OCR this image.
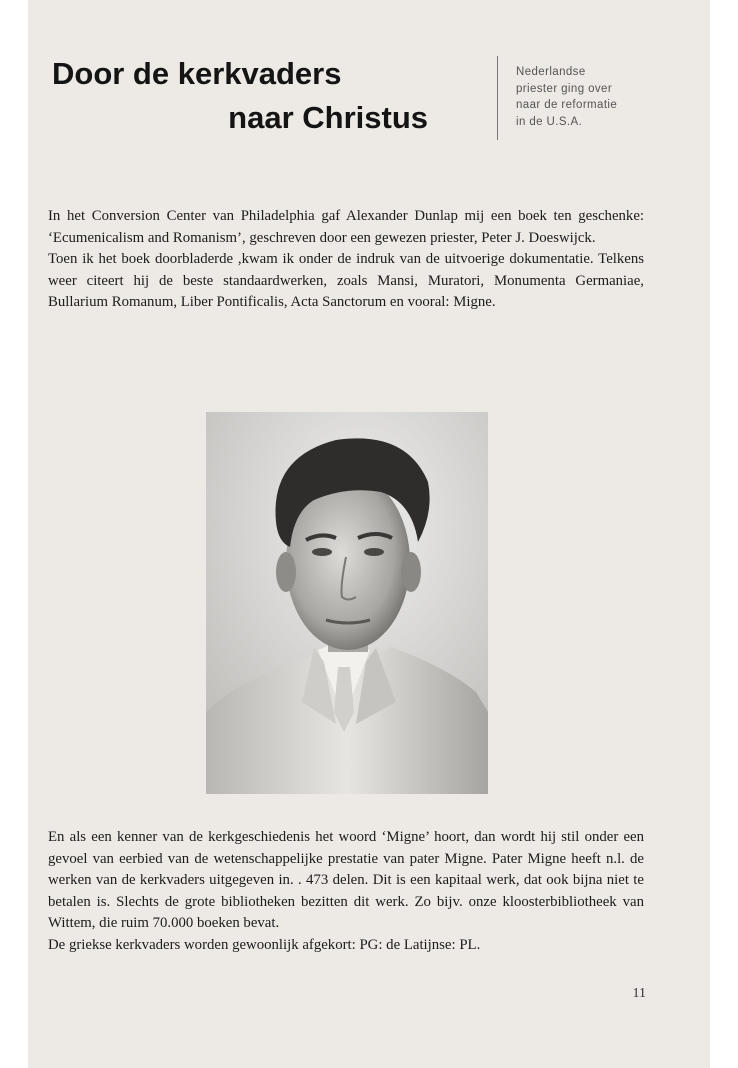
Door de kerkvaders
naar Christus

Nederlandse
priester ging over
naar de reformatie
in de U.S.A.

In het Conversion Center van Philadelphia gaf Alexander Dunlap mij een boek ten geschenke: ‘Ecumenicalism and Romanism’, geschreven door een gewezen priester, Peter J. Doeswijck.

Toen ik het boek doorbladerde ,kwam ik onder de indruk van de uitvoerige dokumentatie. Telkens weer citeert hij de beste standaardwerken, zoals Mansi, Muratori, Monumenta Germaniae, Bullarium Romanum, Liber Pontificalis, Acta Sanctorum en vooral: Migne.

En als een kenner van de kerkgeschiedenis het woord ‘Migne’ hoort, dan wordt hij stil onder een gevoel van eerbied van de wetenschappelijke prestatie van pater Migne. Pater Migne heeft n.l. de werken van de kerkvaders uitgegeven in. . 473 delen. Dit is een kapitaal werk, dat ook bijna niet te betalen is. Slechts de grote bibliotheken bezitten dit werk. Zo bijv. onze kloosterbibliotheek van Wittem, die ruim 70.000 boeken bevat.

De griekse kerkvaders worden gewoonlijk afgekort: PG: de Latijnse: PL.

11
